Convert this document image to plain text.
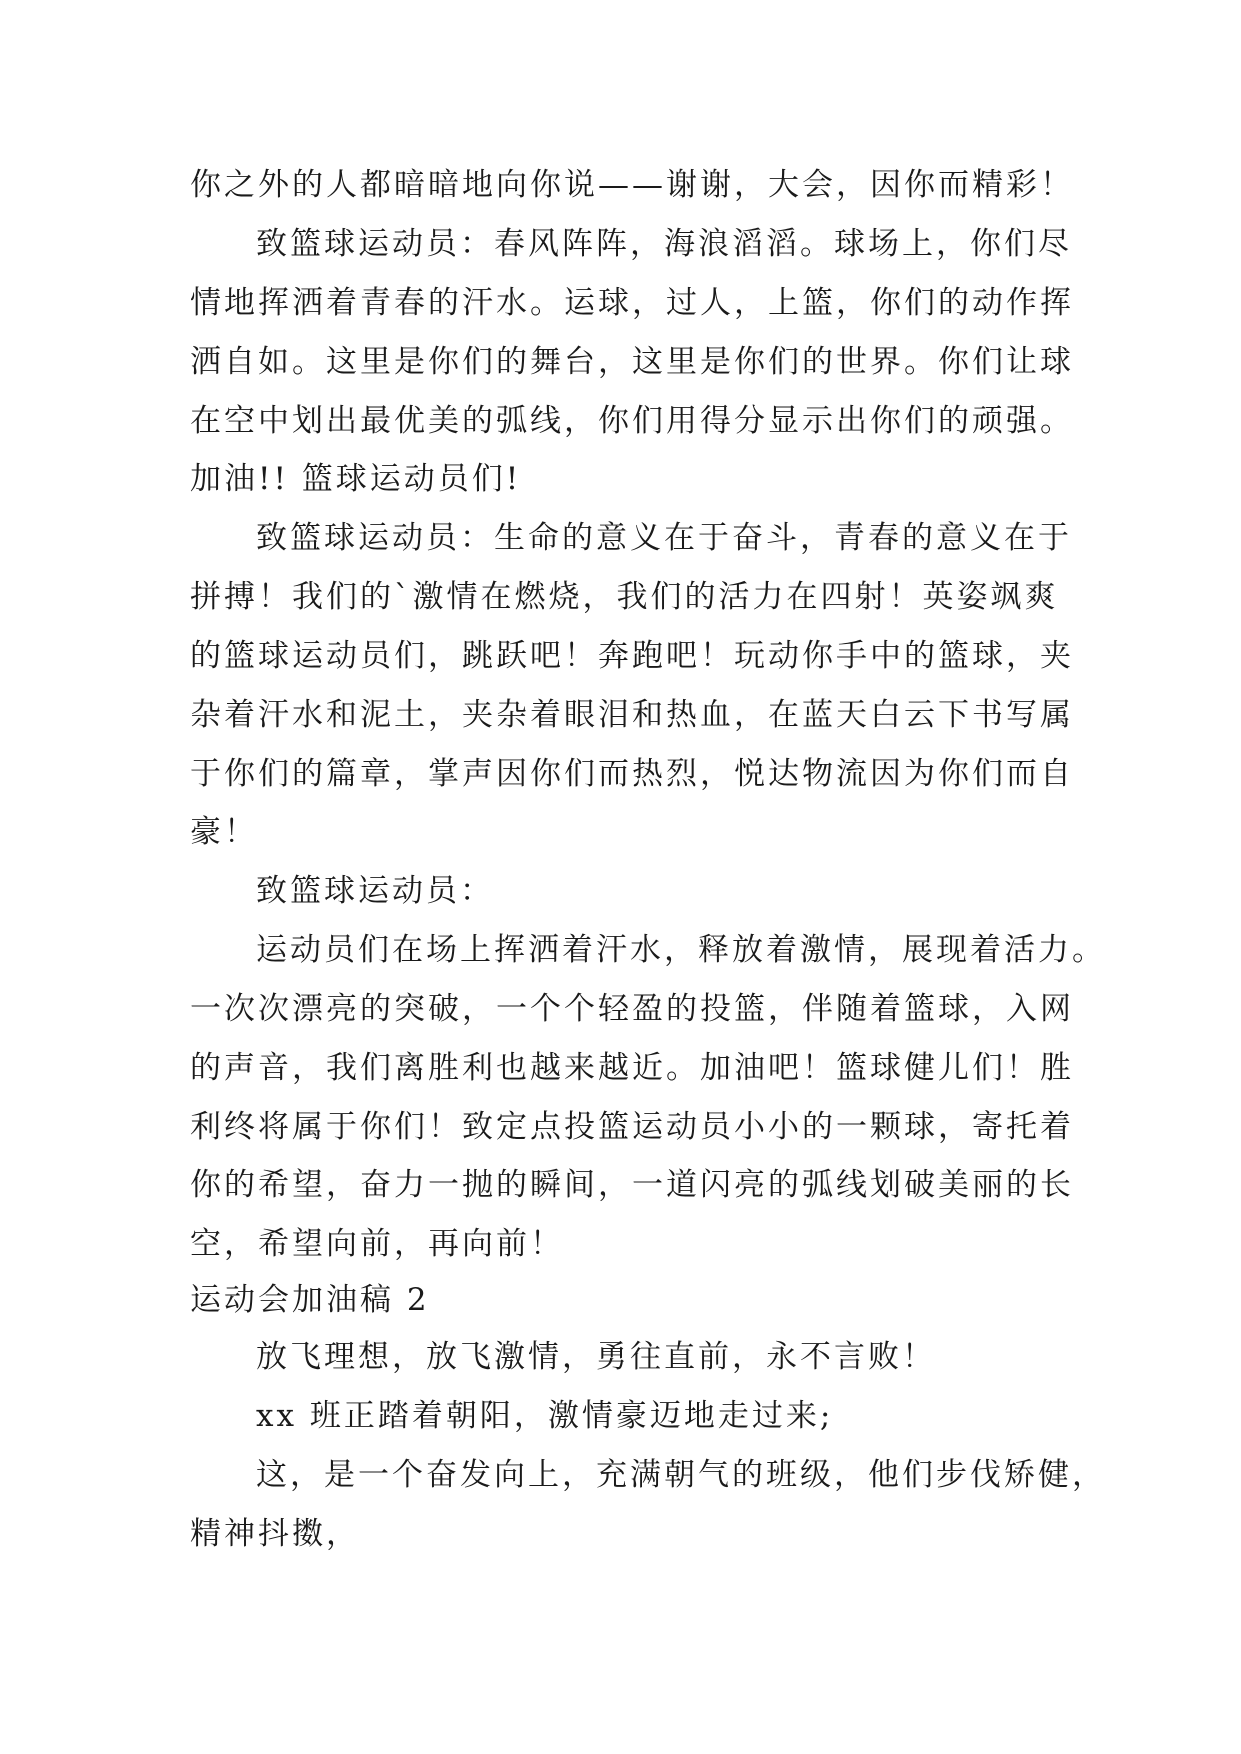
你之外的人都暗暗地向你说——谢谢，大会，因你而精彩！
致篮球运动员：春风阵阵，海浪滔滔。球场上，你们尽
情地挥洒着青春的汗水。运球，过人，上篮，你们的动作挥
洒自如。这里是你们的舞台，这里是你们的世界。你们让球
在空中划出最优美的弧线，你们用得分显示出你们的顽强。
加油!! 篮球运动员们!
致篮球运动员：生命的意义在于奋斗，青春的意义在于
拼搏！我们的`激情在燃烧，我们的活力在四射！英姿飒爽
的篮球运动员们，跳跃吧！奔跑吧！玩动你手中的篮球，夹
杂着汗水和泥土，夹杂着眼泪和热血，在蓝天白云下书写属
于你们的篇章，掌声因你们而热烈，悦达物流因为你们而自
豪！
致篮球运动员：
运动员们在场上挥洒着汗水，释放着激情，展现着活力。
一次次漂亮的突破，一个个轻盈的投篮，伴随着篮球，入网
的声音，我们离胜利也越来越近。加油吧！篮球健儿们！胜
利终将属于你们！致定点投篮运动员小小的一颗球，寄托着
你的希望，奋力一抛的瞬间，一道闪亮的弧线划破美丽的长
空，希望向前，再向前！
运动会加油稿 2
放飞理想，放飞激情，勇往直前，永不言败！
xx 班正踏着朝阳，激情豪迈地走过来;
这，是一个奋发向上，充满朝气的班级，他们步伐矫健，
精神抖擞，
